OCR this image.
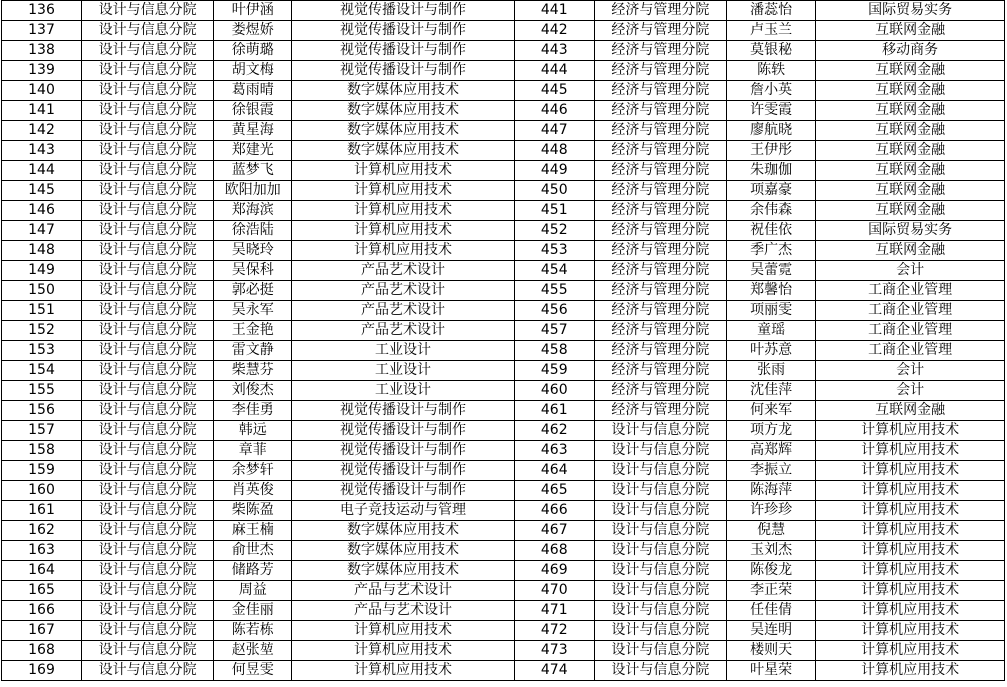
136	设计与信息分院	叶伊涵	视觉传播设计与制作	441	经济与管理分院	潘蕊怡	国际贸易实务
137	设计与信息分院	娄煜娇	视觉传播设计与制作	442	经济与管理分院	卢玉兰	互联网金融
138	设计与信息分院	徐萌璐	视觉传播设计与制作	443	经济与管理分院	莫银秘	移动商务
139	设计与信息分院	胡文梅	视觉传播设计与制作	444	经济与管理分院	陈轶	互联网金融
140	设计与信息分院	葛雨晴	数字媒体应用技术	445	经济与管理分院	詹小英	互联网金融
141	设计与信息分院	徐银霞	数字媒体应用技术	446	经济与管理分院	许雯霞	互联网金融
142	设计与信息分院	黄星海	数字媒体应用技术	447	经济与管理分院	廖航晓	互联网金融
143	设计与信息分院	郑建光	数字媒体应用技术	448	经济与管理分院	王伊彤	互联网金融
144	设计与信息分院	蓝梦飞	计算机应用技术	449	经济与管理分院	朱珈伽	互联网金融
145	设计与信息分院	欧阳加加	计算机应用技术	450	经济与管理分院	项嘉豪	互联网金融
146	设计与信息分院	郑海滨	计算机应用技术	451	经济与管理分院	余伟森	互联网金融
147	设计与信息分院	徐浩陆	计算机应用技术	452	经济与管理分院	祝佳依	国际贸易实务
148	设计与信息分院	吴晓玲	计算机应用技术	453	经济与管理分院	季广杰	互联网金融
149	设计与信息分院	吴保科	产品艺术设计	454	经济与管理分院	吴蕾霓	会计
150	设计与信息分院	郭必挺	产品艺术设计	455	经济与管理分院	郑馨怡	工商企业管理
151	设计与信息分院	吴永军	产品艺术设计	456	经济与管理分院	项丽雯	工商企业管理
152	设计与信息分院	王金艳	产品艺术设计	457	经济与管理分院	童瑶	工商企业管理
153	设计与信息分院	雷文静	工业设计	458	经济与管理分院	叶苏意	工商企业管理
154	设计与信息分院	柴慧芬	工业设计	459	经济与管理分院	张雨	会计
155	设计与信息分院	刘俊杰	工业设计	460	经济与管理分院	沈佳萍	会计
156	设计与信息分院	李佳勇	视觉传播设计与制作	461	经济与管理分院	何来军	互联网金融
157	设计与信息分院	韩远	视觉传播设计与制作	462	设计与信息分院	项方龙	计算机应用技术
158	设计与信息分院	章菲	视觉传播设计与制作	463	设计与信息分院	高郑辉	计算机应用技术
159	设计与信息分院	余梦轩	视觉传播设计与制作	464	设计与信息分院	李振立	计算机应用技术
160	设计与信息分院	肖英俊	视觉传播设计与制作	465	设计与信息分院	陈海萍	计算机应用技术
161	设计与信息分院	柴陈盈	电子竞技运动与管理	466	设计与信息分院	许珍珍	计算机应用技术
162	设计与信息分院	麻王楠	数字媒体应用技术	467	设计与信息分院	倪慧	计算机应用技术
163	设计与信息分院	俞世杰	数字媒体应用技术	468	设计与信息分院	玉刘杰	计算机应用技术
164	设计与信息分院	储路芳	数字媒体应用技术	469	设计与信息分院	陈俊龙	计算机应用技术
165	设计与信息分院	周益	产品与艺术设计	470	设计与信息分院	李正荣	计算机应用技术
166	设计与信息分院	金佳丽	产品与艺术设计	471	设计与信息分院	任佳倩	计算机应用技术
167	设计与信息分院	陈若栋	计算机应用技术	472	设计与信息分院	吴连明	计算机应用技术
168	设计与信息分院	赵张堃	计算机应用技术	473	设计与信息分院	楼则天	计算机应用技术
169	设计与信息分院	何昱雯	计算机应用技术	474	设计与信息分院	叶星荣	计算机应用技术
